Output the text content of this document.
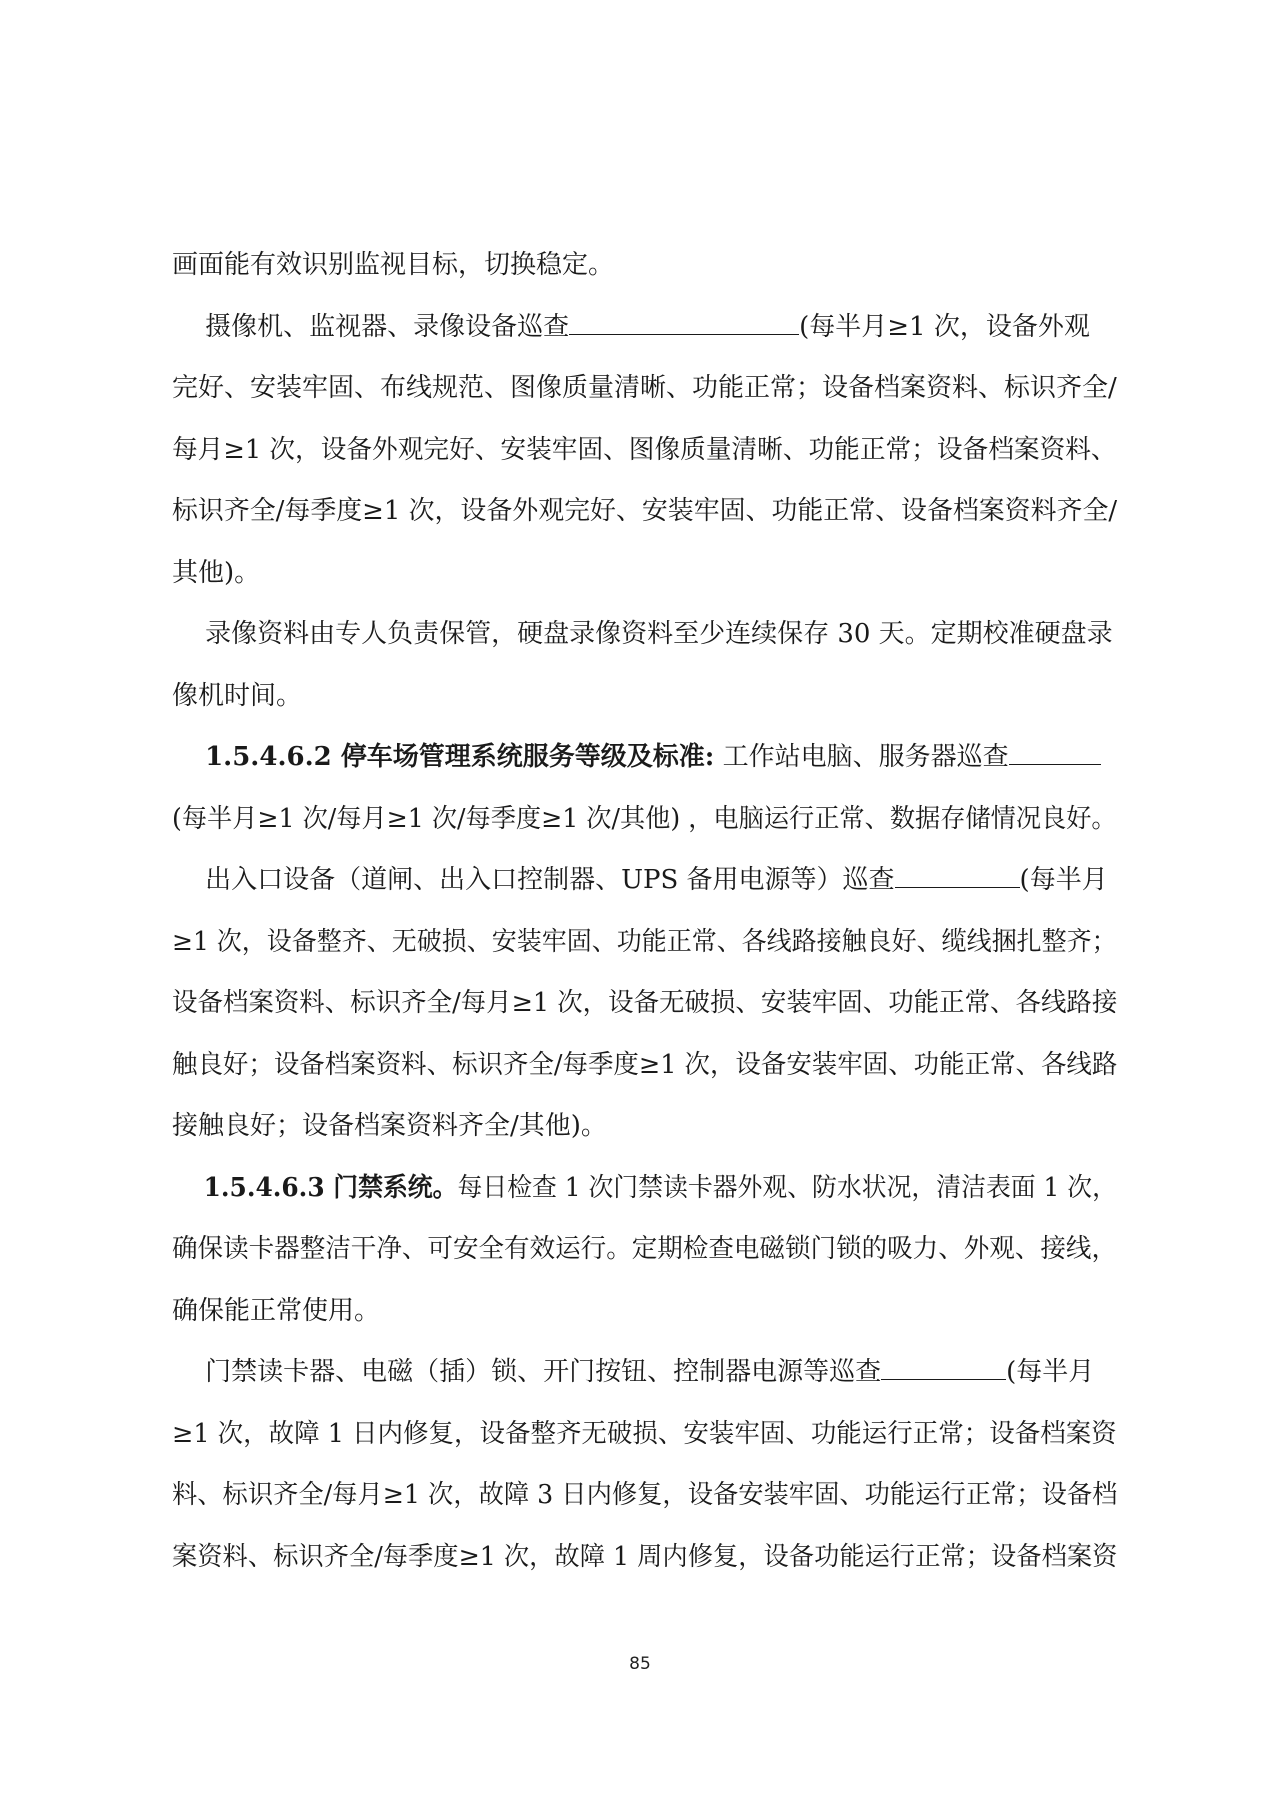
画面能有效识别监视目标，切换稳定。

摄像机、监视器、录像设备巡查	(每半月≥1 次，设备外观
完好、安装牢固、布线规范、图像质量清晰、功能正常；设备档案资料、标识齐全/
每月≥1 次，设备外观完好、安装牢固、图像质量清晰、功能正常；设备档案资料、
标识齐全/每季度≥1 次，设备外观完好、安装牢固、功能正常、设备档案资料齐全/
其他)。

录像资料由专人负责保管，硬盘录像资料至少连续保存 30 天。定期校准硬盘录
像机时间。

1.5.4.6.2 停车场管理系统服务等级及标准: 工作站电脑、服务器巡查
(每半月≥1 次/每月≥1 次/每季度≥1 次/其他) ，电脑运行正常、数据存储情况良好。

出入口设备（道闸、出入口控制器、UPS 备用电源等）巡查	(每半月
≥1 次，设备整齐、无破损、安装牢固、功能正常、各线路接触良好、缆线捆扎整齐；
设备档案资料、标识齐全/每月≥1 次，设备无破损、安装牢固、功能正常、各线路接
触良好；设备档案资料、标识齐全/每季度≥1 次，设备安装牢固、功能正常、各线路
接触良好；设备档案资料齐全/其他)。

1.5.4.6.3 门禁系统。每日检查 1 次门禁读卡器外观、防水状况，清洁表面 1 次，
确保读卡器整洁干净、可安全有效运行。定期检查电磁锁门锁的吸力、外观、接线，
确保能正常使用。

门禁读卡器、电磁（插）锁、开门按钮、控制器电源等巡查	(每半月
≥1 次，故障 1 日内修复，设备整齐无破损、安装牢固、功能运行正常；设备档案资
料、标识齐全/每月≥1 次，故障 3 日内修复，设备安装牢固、功能运行正常；设备档
案资料、标识齐全/每季度≥1 次，故障 1 周内修复，设备功能运行正常；设备档案资

85
